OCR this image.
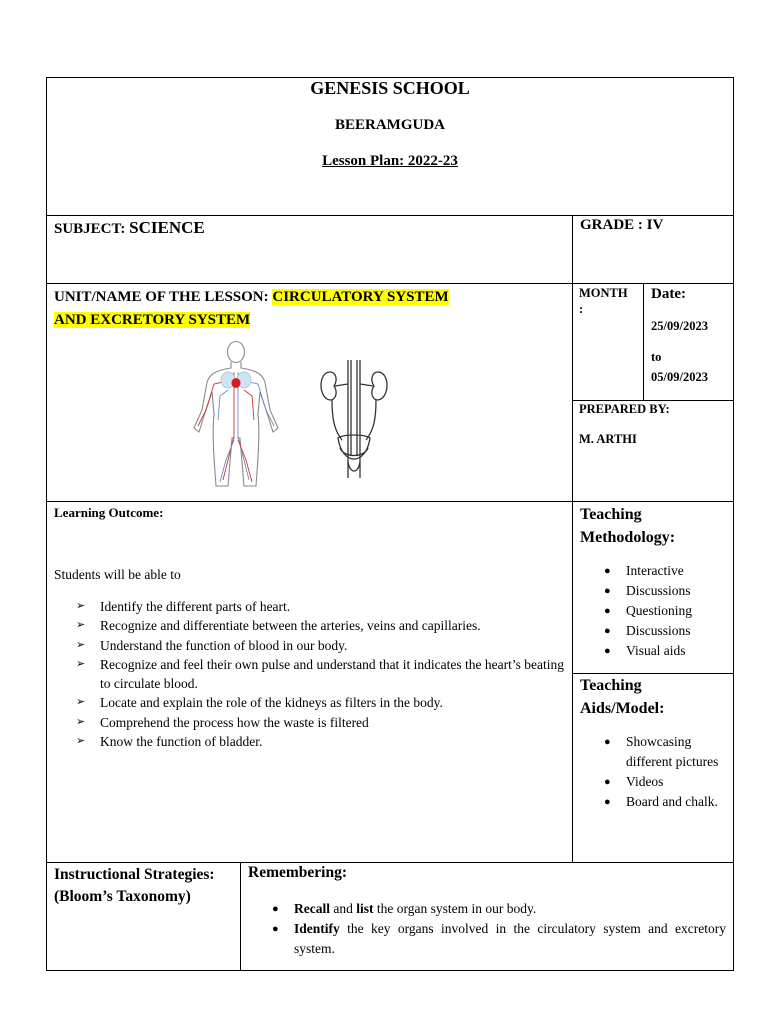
GENESIS SCHOOL
BEERAMGUDA
Lesson Plan: 2022-23
SUBJECT: SCIENCE	GRADE : IV
UNIT/NAME OF THE LESSON: CIRCULATORY SYSTEM
AND EXCRETORY SYSTEM
MONTH
:
Date:
25/09/2023
to
05/09/2023
PREPARED BY:
M. ARTHI
Learning Outcome:
Students will be able to
➢ Identify the different parts of heart.
➢ Recognize and differentiate between the arteries, veins and capillaries.
➢ Understand the function of blood in our body.
➢ Recognize and feel their own pulse and understand that it indicates the heart’s beating to circulate blood.
➢ Locate and explain the role of the kidneys as filters in the body.
➢ Comprehend the process how the waste is filtered
➢ Know the function of bladder.
Teaching
Methodology:
● Interactive
● Discussions
● Questioning
● Discussions
● Visual aids
Teaching
Aids/Model:
● Showcasing different pictures
● Videos
● Board and chalk.
Instructional Strategies: (Bloom’s Taxonomy)
Remembering:
● Recall and list the organ system in our body.
● Identify the key organs involved in the circulatory system and excretory system.
